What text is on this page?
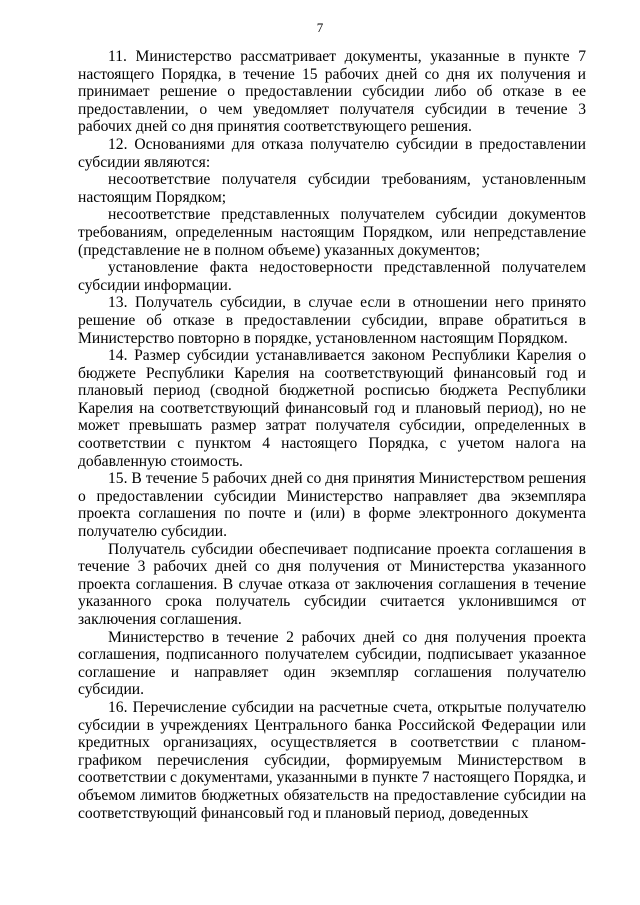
7

11. Министерство рассматривает документы, указанные в пункте 7 настоящего Порядка, в течение 15 рабочих дней со дня их получения и принимает решение о предоставлении субсидии либо об отказе в ее предоставлении, о чем уведомляет получателя субсидии в течение 3 рабочих дней со дня принятия соответствующего решения.

12. Основаниями для отказа получателю субсидии в предоставлении субсидии являются:

несоответствие получателя субсидии требованиям, установленным настоящим Порядком;

несоответствие представленных получателем субсидии документов требованиям, определенным настоящим Порядком, или непредставление (представление не в полном объеме) указанных документов;

установление факта недостоверности представленной получателем субсидии информации.

13. Получатель субсидии, в случае если в отношении него принято решение об отказе в предоставлении субсидии, вправе обратиться в Министерство повторно в порядке, установленном настоящим Порядком.

14. Размер субсидии устанавливается законом Республики Карелия о бюджете Республики Карелия на соответствующий финансовый год и плановый период (сводной бюджетной росписью бюджета Республики Карелия на соответствующий финансовый год и плановый период), но не может превышать размер затрат получателя субсидии, определенных в соответствии с пунктом 4 настоящего Порядка, с учетом налога на добавленную стоимость.

15. В течение 5 рабочих дней со дня принятия Министерством решения о предоставлении субсидии Министерство направляет два экземпляра проекта соглашения по почте и (или) в форме электронного документа получателю субсидии.

Получатель субсидии обеспечивает подписание проекта соглашения в течение 3 рабочих дней со дня получения от Министерства указанного проекта соглашения. В случае отказа от заключения соглашения в течение указанного срока получатель субсидии считается уклонившимся от заключения соглашения.

Министерство в течение 2 рабочих дней со дня получения проекта соглашения, подписанного получателем субсидии, подписывает указанное соглашение и направляет один экземпляр соглашения получателю субсидии.

16. Перечисление субсидии на расчетные счета, открытые получателю субсидии в учреждениях Центрального банка Российской Федерации или кредитных организациях, осуществляется в соответствии с планом-графиком перечисления субсидии, формируемым Министерством в соответствии с документами, указанными в пункте 7 настоящего Порядка, и объемом лимитов бюджетных обязательств на предоставление субсидии на соответствующий финансовый год и плановый период, доведенных
